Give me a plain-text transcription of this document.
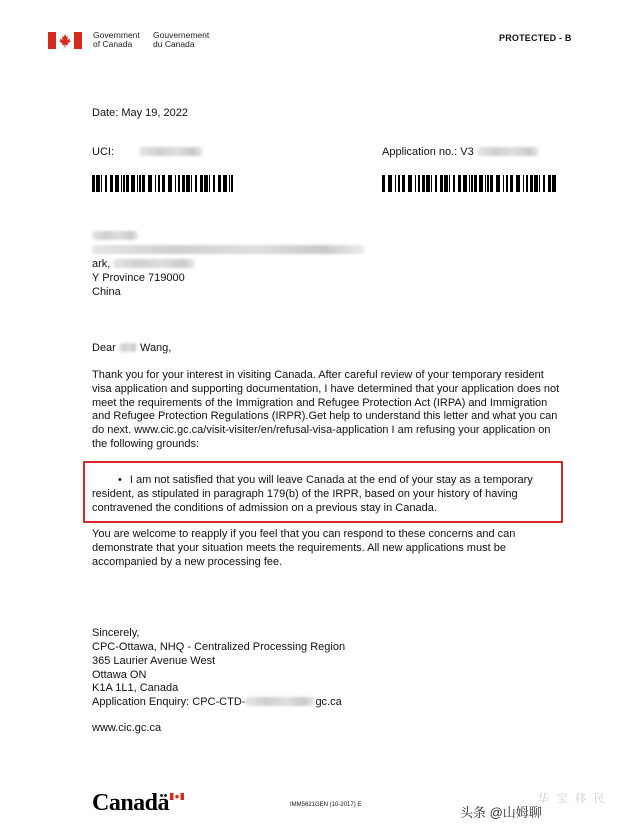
Government
of Canada
Gouvernement
du Canada
PROTECTED - B
Date: May 19, 2022
UCI:	Application no.: V3
ark,
Y Province 719000
China
Dear Wang,
Thank you for your interest in visiting Canada. After careful review of your temporary resident visa application and supporting documentation, I have determined that your application does not meet the requirements of the Immigration and Refugee Protection Act (IRPA) and Immigration and Refugee Protection Regulations (IRPR).Get help to understand this letter and what you can do next. www.cic.gc.ca/visit-visiter/en/refusal-visa-application I am refusing your application on the following grounds:
• I am not satisfied that you will leave Canada at the end of your stay as a temporary resident, as stipulated in paragraph 179(b) of the IRPR, based on your history of having contravened the conditions of admission on a previous stay in Canada.
You are welcome to reapply if you feel that you can respond to these concerns and can demonstrate that your situation meets the requirements. All new applications must be accompanied by a new processing fee.
Sincerely,
CPC-Ottawa, NHQ - Centralized Processing Region
365 Laurier Avenue West
Ottawa ON
K1A 1L1, Canada
Application Enquiry: CPC-CTD-	gc.ca
www.cic.gc.ca
Canadä	IMM5621GEN (10-2017) E	华 宝 移 民
头条 @山姆聊
